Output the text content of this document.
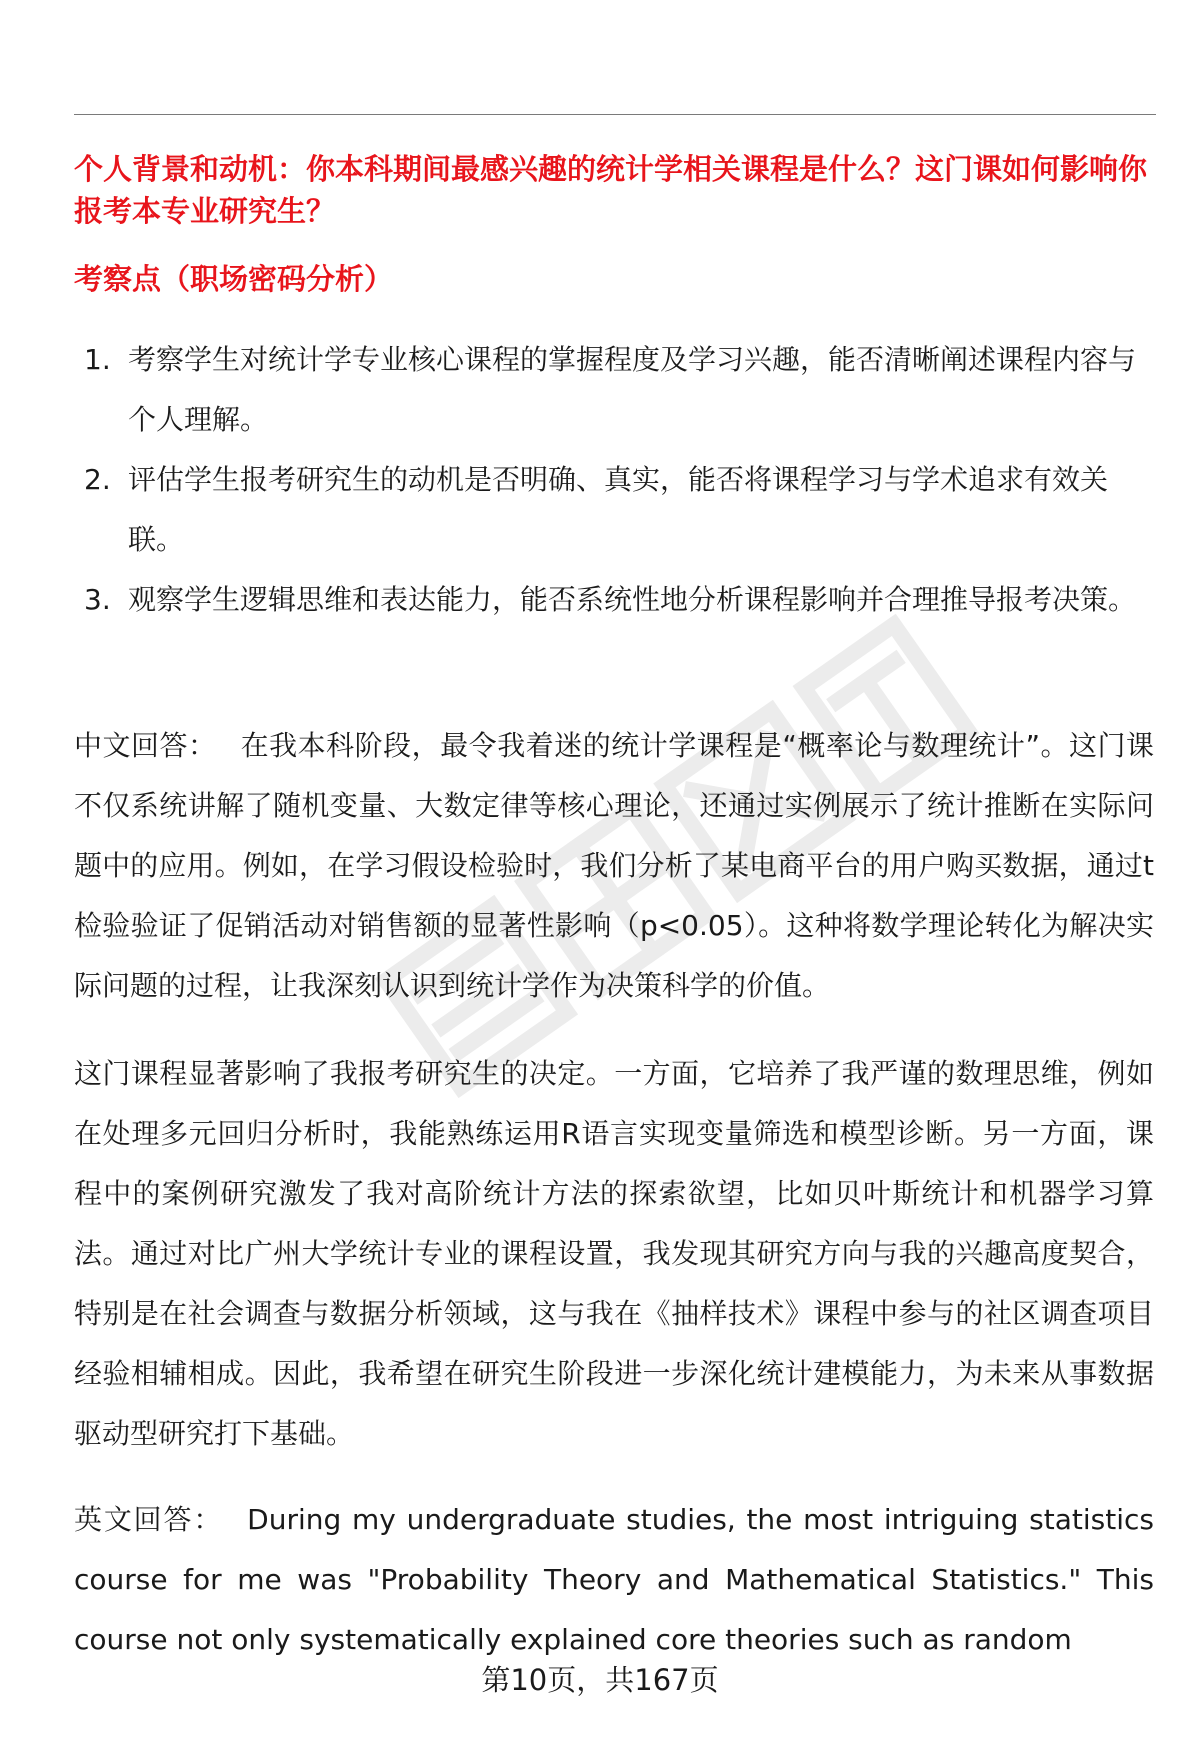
个人背景和动机：你本科期间最感兴趣的统计学相关课程是什么？这门课如何影响你报考本专业研究生？
考察点（职场密码分析）
1. 考察学生对统计学专业核心课程的掌握程度及学习兴趣，能否清晰阐述课程内容与个人理解。
2. 评估学生报考研究生的动机是否明确、真实，能否将课程学习与学术追求有效关联。
3. 观察学生逻辑思维和表达能力，能否系统性地分析课程影响并合理推导报考决策。

中文回答： 在我本科阶段，最令我着迷的统计学课程是“概率论与数理统计”。这门课不仅系统讲解了随机变量、大数定律等核心理论，还通过实例展示了统计推断在实际问题中的应用。例如，在学习假设检验时，我们分析了某电商平台的用户购买数据，通过t检验验证了促销活动对销售额的显著性影响（p<0.05）。这种将数学理论转化为解决实际问题的过程，让我深刻认识到统计学作为决策科学的价值。

这门课程显著影响了我报考研究生的决定。一方面，它培养了我严谨的数理思维，例如在处理多元回归分析时，我能熟练运用R语言实现变量筛选和模型诊断。另一方面，课程中的案例研究激发了我对高阶统计方法的探索欲望，比如贝叶斯统计和机器学习算法。通过对比广州大学统计专业的课程设置，我发现其研究方向与我的兴趣高度契合，特别是在社会调查与数据分析领域，这与我在《抽样技术》课程中参与的社区调查项目经验相辅相成。因此，我希望在研究生阶段进一步深化统计建模能力，为未来从事数据驱动型研究打下基础。

英文回答： During my undergraduate studies, the most intriguing statistics course for me was "Probability Theory and Mathematical Statistics." This course not only systematically explained core theories such as random

第10页，共167页
